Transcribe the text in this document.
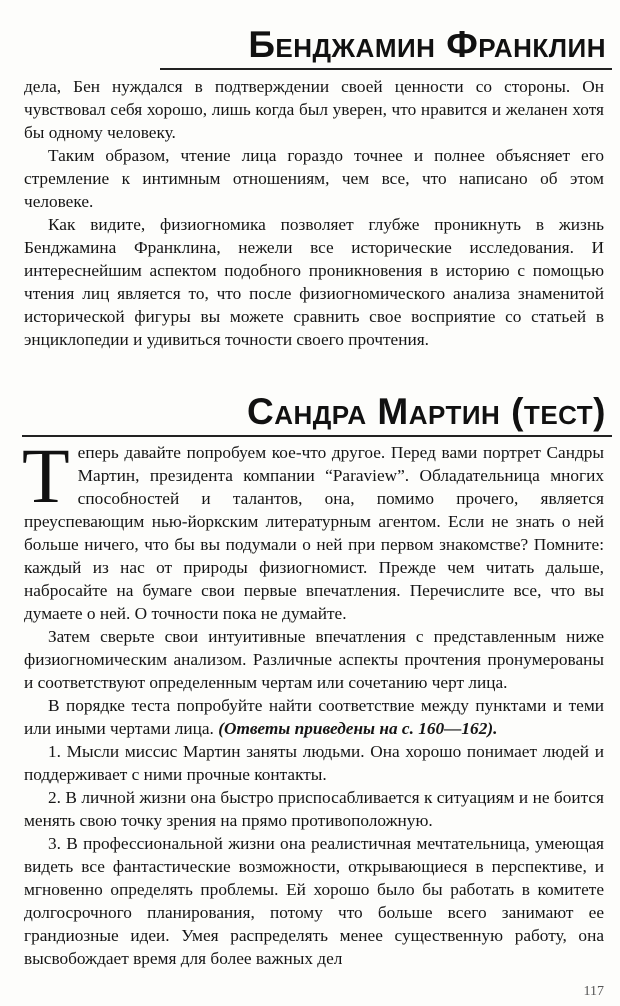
Бенджамин Франклин

дела, Бен нуждался в подтверждении своей ценности со стороны. Он чувствовал себя хорошо, лишь когда был уверен, что нравится и желанен хотя бы одному человеку.

Таким образом, чтение лица гораздо точнее и полнее объясняет его стремление к интимным отношениям, чем все, что написано об этом человеке.

Как видите, физиогномика позволяет глубже проникнуть в жизнь Бенджамина Франклина, нежели все исторические исследования. И интереснейшим аспектом подобного проникновения в историю с помощью чтения лиц является то, что после физиогномического анализа знаменитой исторической фигуры вы можете сравнить свое восприятие со статьей в энциклопедии и удивиться точности своего прочтения.

Сандра Мартин (тест)

Теперь давайте попробуем кое-что другое. Перед вами портрет Сандры Мартин, президента компании “Paraview”. Обладательница многих способностей и талантов, она, помимо прочего, является преуспевающим нью-йоркским литературным агентом. Если не знать о ней больше ничего, что бы вы подумали о ней при первом знакомстве? Помните: каждый из нас от природы физиогномист. Прежде чем читать дальше, набросайте на бумаге свои первые впечатления. Перечислите все, что вы думаете о ней. О точности пока не думайте.

Затем сверьте свои интуитивные впечатления с представленным ниже физиогномическим анализом. Различные аспекты прочтения пронумерованы и соответствуют определенным чертам или сочетанию черт лица.

В порядке теста попробуйте найти соответствие между пунктами и теми или иными чертами лица. (Ответы приведены на с. 160—162).

1. Мысли миссис Мартин заняты людьми. Она хорошо понимает людей и поддерживает с ними прочные контакты.

2. В личной жизни она быстро приспосабливается к ситуациям и не боится менять свою точку зрения на прямо противоположную.

3. В профессиональной жизни она реалистичная мечтательница, умеющая видеть все фантастические возможности, открывающиеся в перспективе, и мгновенно определять проблемы. Ей хорошо было бы работать в комитете долгосрочного планирования, потому что больше всего занимают ее грандиозные идеи. Умея распределять менее существенную работу, она высвобождает время для более важных дел

117
